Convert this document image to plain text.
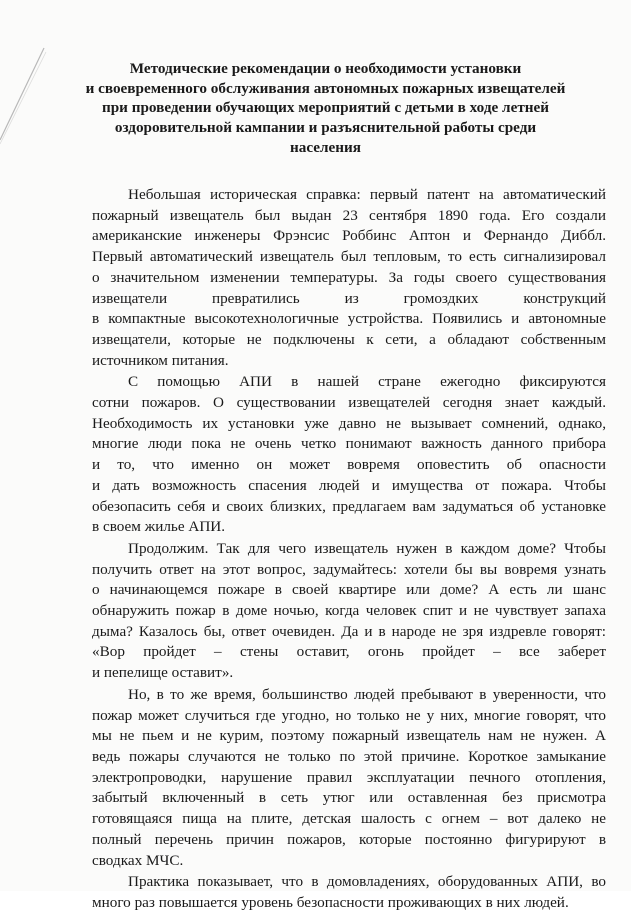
Методические рекомендации о необходимости установки
и своевременного обслуживания автономных пожарных извещателей
при проведении обучающих мероприятий с детьми в ходе летней
оздоровительной кампании и разъяснительной работы среди
населения
Небольшая историческая справка: первый патент на автоматический
пожарный извещатель был выдан 23 сентября 1890 года. Его создали
американские инженеры Фрэнсис Роббинс Аптон и Фернандо Диббл.
Первый автоматический извещатель был тепловым, то есть сигнализировал
о значительном изменении температуры. За годы своего существования
извещатели превратились из громоздких конструкций
в компактные высокотехнологичные устройства. Появились и автономные
извещатели, которые не подключены к сети, а обладают собственным
источником питания.
С помощью АПИ в нашей стране ежегодно фиксируются
сотни пожаров. О существовании извещателей сегодня знает каждый.
Необходимость их установки уже давно не вызывает сомнений, однако,
многие люди пока не очень четко понимают важность данного прибора
и то, что именно он может вовремя оповестить об опасности
и дать возможность спасения людей и имущества от пожара. Чтобы
обезопасить себя и своих близких, предлагаем вам задуматься об установке
в своем жилье АПИ.
Продолжим. Так для чего извещатель нужен в каждом доме? Чтобы
получить ответ на этот вопрос, задумайтесь: хотели бы вы вовремя узнать
о начинающемся пожаре в своей квартире или доме? А есть ли шанс
обнаружить пожар в доме ночью, когда человек спит и не чувствует запаха
дыма? Казалось бы, ответ очевиден. Да и в народе не зря издревле говорят:
«Вор пройдет – стены оставит, огонь пройдет – все заберет
и пепелище оставит».
Но, в то же время, большинство людей пребывают в уверенности, что
пожар может случиться где угодно, но только не у них, многие говорят, что
мы не пьем и не курим, поэтому пожарный извещатель нам не нужен. А
ведь пожары случаются не только по этой причине. Короткое замыкание
электропроводки, нарушение правил эксплуатации печного отопления,
забытый включенный в сеть утюг или оставленная без присмотра
готовящаяся пища на плите, детская шалость с огнем – вот далеко не
полный перечень причин пожаров, которые постоянно фигурируют в
сводках МЧС.
Практика показывает, что в домовладениях, оборудованных АПИ, во
много раз повышается уровень безопасности проживающих в них людей.
